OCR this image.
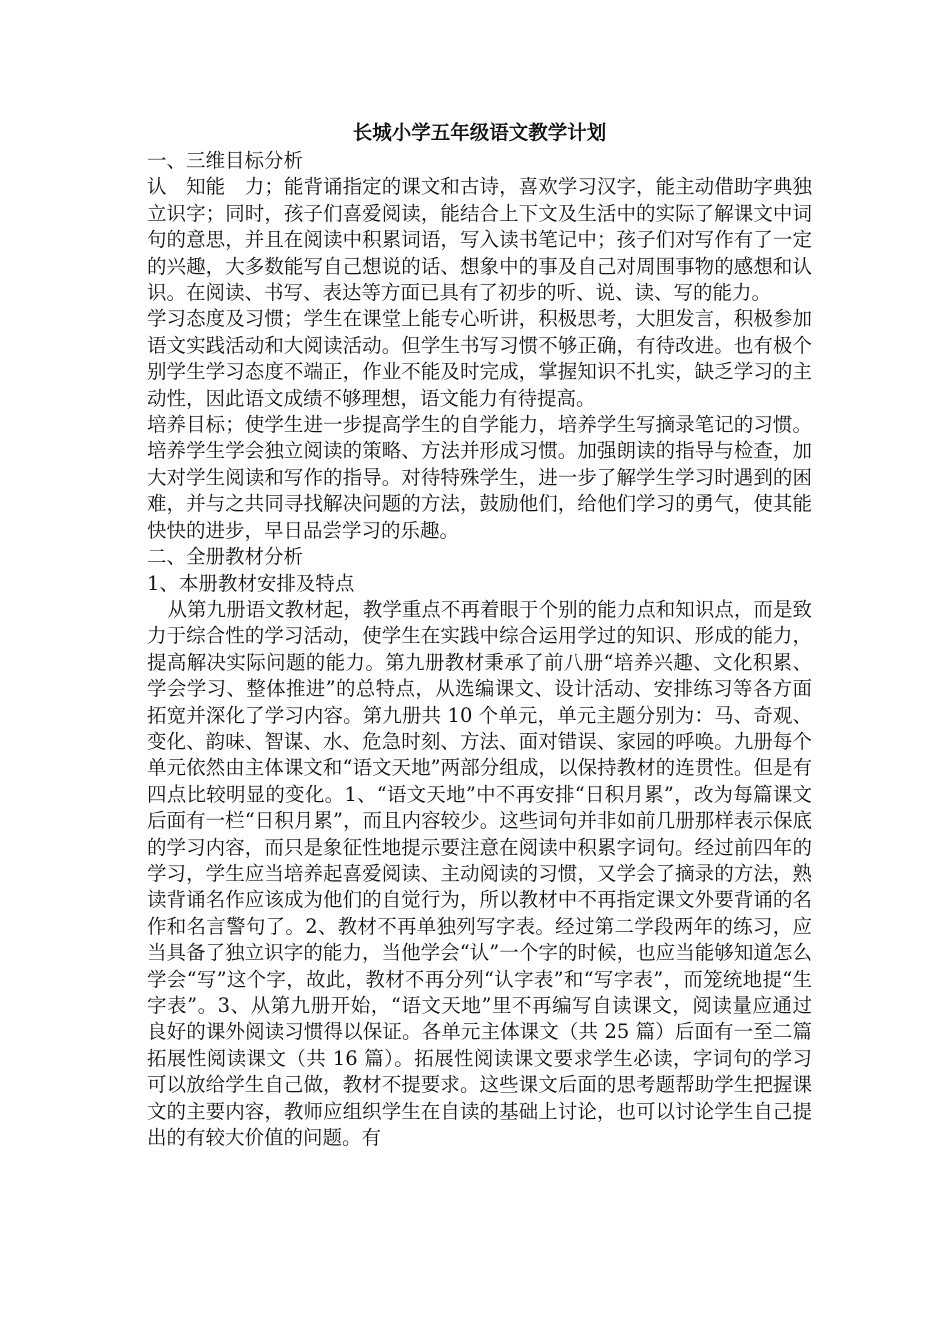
长城小学五年级语文教学计划

一、三维目标分析

认　知能　力；能背诵指定的课文和古诗，喜欢学习汉字，能主动借助字典独立识字；同时，孩子们喜爱阅读，能结合上下文及生活中的实际了解课文中词句的意思，并且在阅读中积累词语，写入读书笔记中；孩子们对写作有了一定的兴趣，大多数能写自己想说的话、想象中的事及自己对周围事物的感想和认识。在阅读、书写、表达等方面已具有了初步的听、说、读、写的能力。

学习态度及习惯；学生在课堂上能专心听讲，积极思考，大胆发言，积极参加语文实践活动和大阅读活动。但学生书写习惯不够正确，有待改进。也有极个别学生学习态度不端正，作业不能及时完成，掌握知识不扎实，缺乏学习的主动性，因此语文成绩不够理想，语文能力有待提高。

培养目标；使学生进一步提高学生的自学能力，培养学生写摘录笔记的习惯。培养学生学会独立阅读的策略、方法并形成习惯。加强朗读的指导与检查，加大对学生阅读和写作的指导。对待特殊学生，进一步了解学生学习时遇到的困难，并与之共同寻找解决问题的方法，鼓励他们，给他们学习的勇气，使其能快快的进步，早日品尝学习的乐趣。

二、全册教材分析

1、本册教材安排及特点

从第九册语文教材起，教学重点不再着眼于个别的能力点和知识点，而是致力于综合性的学习活动，使学生在实践中综合运用学过的知识、形成的能力，提高解决实际问题的能力。第九册教材秉承了前八册“培养兴趣、文化积累、学会学习、整体推进”的总特点，从选编课文、设计活动、安排练习等各方面拓宽并深化了学习内容。第九册共 10 个单元，单元主题分别为：马、奇观、变化、韵味、智谋、水、危急时刻、方法、面对错误、家园的呼唤。九册每个单元依然由主体课文和“语文天地”两部分组成，以保持教材的连贯性。但是有四点比较明显的变化。1、“语文天地”中不再安排“日积月累”，改为每篇课文后面有一栏“日积月累”，而且内容较少。这些词句并非如前几册那样表示保底的学习内容，而只是象征性地提示要注意在阅读中积累字词句。经过前四年的学习，学生应当培养起喜爱阅读、主动阅读的习惯，又学会了摘录的方法，熟读背诵名作应该成为他们的自觉行为，所以教材中不再指定课文外要背诵的名作和名言警句了。2、教材不再单独列写字表。经过第二学段两年的练习，应当具备了独立识字的能力，当他学会“认”一个字的时候，也应当能够知道怎么学会“写”这个字，故此，教材不再分列“认字表”和“写字表”，而笼统地提“生字表”。3、从第九册开始，“语文天地”里不再编写自读课文，阅读量应通过良好的课外阅读习惯得以保证。各单元主体课文（共 25 篇）后面有一至二篇拓展性阅读课文（共 16 篇）。拓展性阅读课文要求学生必读，字词句的学习可以放给学生自己做，教材不提要求。这些课文后面的思考题帮助学生把握课文的主要内容，教师应组织学生在自读的基础上讨论，也可以讨论学生自己提出的有较大价值的问题。有
